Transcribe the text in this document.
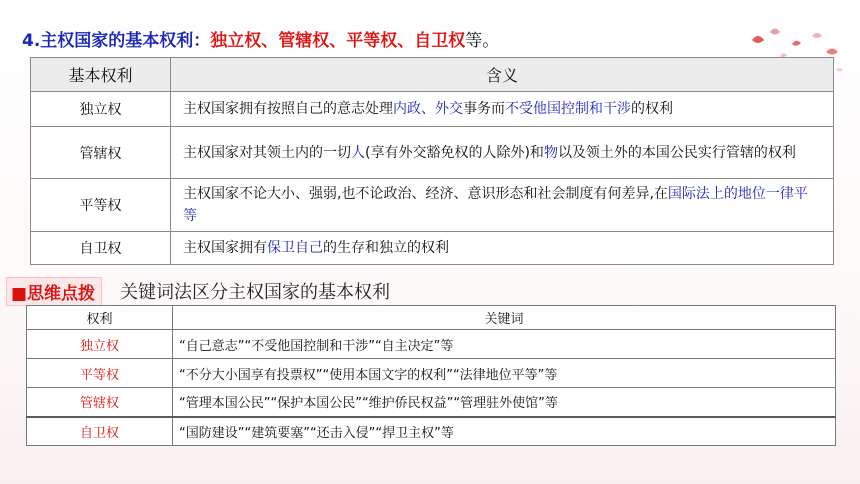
4.主权国家的基本权利：独立权、管辖权、平等权、自卫权等。
基本权利	含义
独立权	主权国家拥有按照自己的意志处理内政、外交事务而不受他国控制和干涉的权利
管辖权	主权国家对其领土内的一切人(享有外交豁免权的人除外)和物以及领土外的本国公民实行管辖的权利
平等权	主权国家不论大小、强弱,也不论政治、经济、意识形态和社会制度有何差异,在国际法上的地位一律平等
自卫权	主权国家拥有保卫自己的生存和独立的权利
■思维点拨	关键词法区分主权国家的基本权利
权利	关键词
独立权	“自己意志”“不受他国控制和干涉”“自主决定”等
平等权	“不分大小国享有投票权”“使用本国文字的权利”“法律地位平等”等
管辖权	“管理本国公民”“保护本国公民”“维护侨民权益”“管理驻外使馆”等
自卫权	“国防建设”“建筑要塞”“还击入侵”“捍卫主权”等
